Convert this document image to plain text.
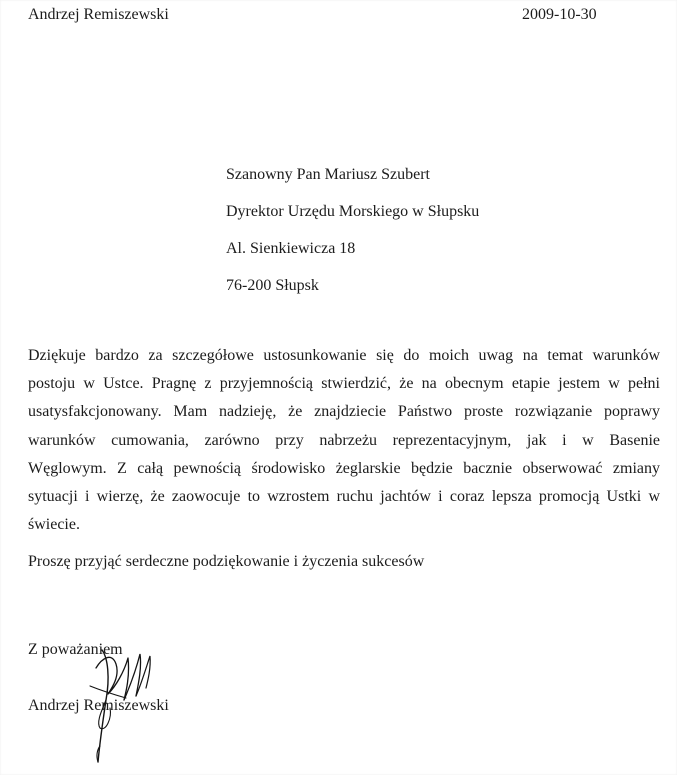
Andrzej Remiszewski	2009-10-30
Szanowny Pan Mariusz Szubert
Dyrektor Urzędu Morskiego w Słupsku
Al. Sienkiewicza 18
76-200 Słupsk
Dziękuje bardzo za szczegółowe ustosunkowanie się do moich uwag na temat warunków
postoju w Ustce. Pragnę z przyjemnością stwierdzić, że na obecnym etapie jestem w pełni
usatysfakcjonowany. Mam nadzieję, że znajdziecie Państwo proste rozwiązanie poprawy
warunków cumowania, zarówno przy nabrzeżu reprezentacyjnym, jak i w Basenie
Węglowym. Z całą pewnością środowisko żeglarskie będzie bacznie obserwować zmiany
sytuacji i wierzę, że zaowocuje to wzrostem ruchu jachtów i coraz lepsza promocją Ustki w
świecie.
Proszę przyjąć serdeczne podziękowanie i życzenia sukcesów
Z poważaniem
Andrzej Remiszewski
